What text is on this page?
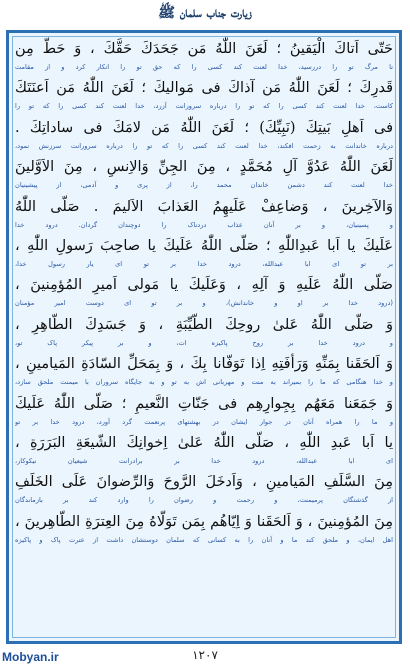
زیارت جناب سلمان ﷺ
حَتّى اَتاكَ الْیَقینُ ؛ لَعَنَ اللّٰهُ مَن جَحَدَكَ حَقَّكَ ، وَ حَطَّ مِن
تا مرگ تو را دررسید، خدا لعنت کند کسی را که حق تو را انکار کرد و از مقامت
قَدرِكَ ؛ لَعَنَ اللّٰهُ مَن آذاكَ فی مَوالیكَ ؛ لَعَنَ اللّٰهُ مَن اَعنَتَكَ
کاست، خدا لعنت کند کسی را که تو را درباره سرورانت آزرد، خدا لعنت کند کسی را که تو را
فی اَهلِ بَیتِكَ (نَبِیِّكَ) ؛ لَعَنَ اللّٰهُ مَن لامَكَ فی ساداتِكَ .
درباره خاندانت به زحمت افکند، خدا لعنت کند کسی را که تو را درباره سرورانت سرزنش نمود،
لَعَنَ اللّٰهُ عَدُوَّ آلِ مُحَمَّدٍ ، مِنَ الجِنِّ وَالاِنسِ ، مِنَ الاَوَّلینَ
خدا لعنت کند دشمن خاندان محمد را، از پری و آدمی، از پیشینیان
وَالآخِرینَ ، وَضاعِفْ عَلَیهِمُ العَذابَ الاَلیمَ . صَلَّى اللّٰهُ
و پسینیان، و بر آنان عذاب دردناک را دوچندان گردان. درود خدا
عَلَیكَ یا اَبا عَبدِاللّٰهِ ؛ صَلَّى اللّٰهُ عَلَیكَ یا صاحِبَ رَسولِ اللّٰهِ ،
بر تو ای ابا عبدالله، درود خدا بر تو ای یار رسول خدا،
صَلَّى اللّٰهُ عَلَیهِ وَ آلِهِ ، وَعَلَیكَ یا مَولى اَمیرِ المُؤمِنینَ ،
(درود خدا بر او و خاندانش)، و بر تو ای دوست امیر مؤمنان
وَ صَلَّى اللّٰهُ عَلىٰ روحِكَ الطَّیِّبَةِ ، وَ جَسَدِكَ الطّاهِرِ ،
و درود خدا بر روح پاکیزه ات، و بر پیکر پاک تو،
وَ اَلحَقَنا بِمَنِّهِ وَرَأفَتِهِ اِذا تَوَفّانا بِكَ ، وَ بِمَحَلِّ السّادَةِ المَیامینِ ،
و خدا هنگامی که ما را بمیراند به منت و مهربانی اش به تو و به جایگاه سروران با میمنت ملحق سازد،
وَ جَمَعَنا مَعَهُم بِجِوارِهِم فی جَنّاتِ النَّعیمِ ؛ صَلَّى اللّٰهُ عَلَیكَ
و ما را همراه آنان در جوار ایشان در بهشتهای پرنعمت گرد آورد، درود خدا بر تو
یا اَبا عَبدِ اللّٰهِ ، صَلَّى اللّٰهُ عَلىٰ اِخوانِكَ الشّیعَةِ البَرَرَةِ ،
ای ابا عبدالله، درود خدا بر برادرانت شیعیان نیکوکار،
مِنَ السَّلَفِ المَیامینِ ، وَاَدخَلَ الرَّوحَ وَالرِّضوانَ عَلَى الخَلَفِ
از گذشتگان پرمیمنت، و رحمت و رضوان را وارد کند بر بازماندگان
مِنَ المُؤمِنینَ ، وَ اَلحَقَنا وَ اِیّاهُم بِمَن تَوَلّاهُ مِنَ العِترَةِ الطّاهِرینَ ،
اهل ایمان، و ملحق کند ما و آنان را به کسانی که سلمان دوستشان داشت از عترت پاک و پاکیزه
١٢٠٧
Mobyan.ir
